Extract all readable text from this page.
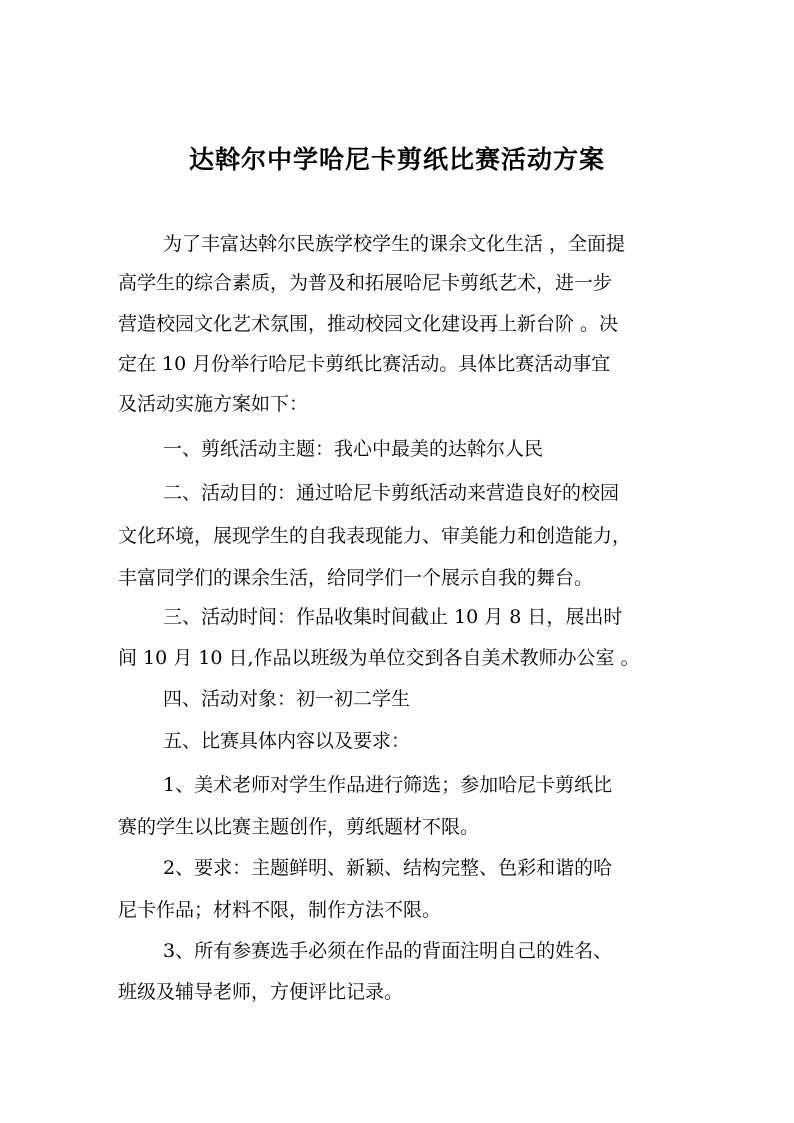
达斡尔中学哈尼卡剪纸比赛活动方案
为了丰富达斡尔民族学校学生的课余文化生活 ，全面提
高学生的综合素质，为普及和拓展哈尼卡剪纸艺术，进一步
营造校园文化艺术氛围，推动校园文化建设再上新台阶 。决
定在 10 月份举行哈尼卡剪纸比赛活动。具体比赛活动事宜
及活动实施方案如下：
一、剪纸活动主题：我心中最美的达斡尔人民
二、活动目的：通过哈尼卡剪纸活动来营造良好的校园
文化环境，展现学生的自我表现能力、审美能力和创造能力，
丰富同学们的课余生活，给同学们一个展示自我的舞台。
三、活动时间：作品收集时间截止 10 月 8 日，展出时
间 10 月 10 日,作品以班级为单位交到各自美术教师办公室 。
四、活动对象：初一初二学生
五、比赛具体内容以及要求：
1、美术老师对学生作品进行筛选；参加哈尼卡剪纸比
赛的学生以比赛主题创作，剪纸题材不限。
2、要求：主题鲜明、新颖、结构完整、色彩和谐的哈
尼卡作品；材料不限，制作方法不限。
3、所有参赛选手必须在作品的背面注明自己的姓名、
班级及辅导老师，方便评比记录。
